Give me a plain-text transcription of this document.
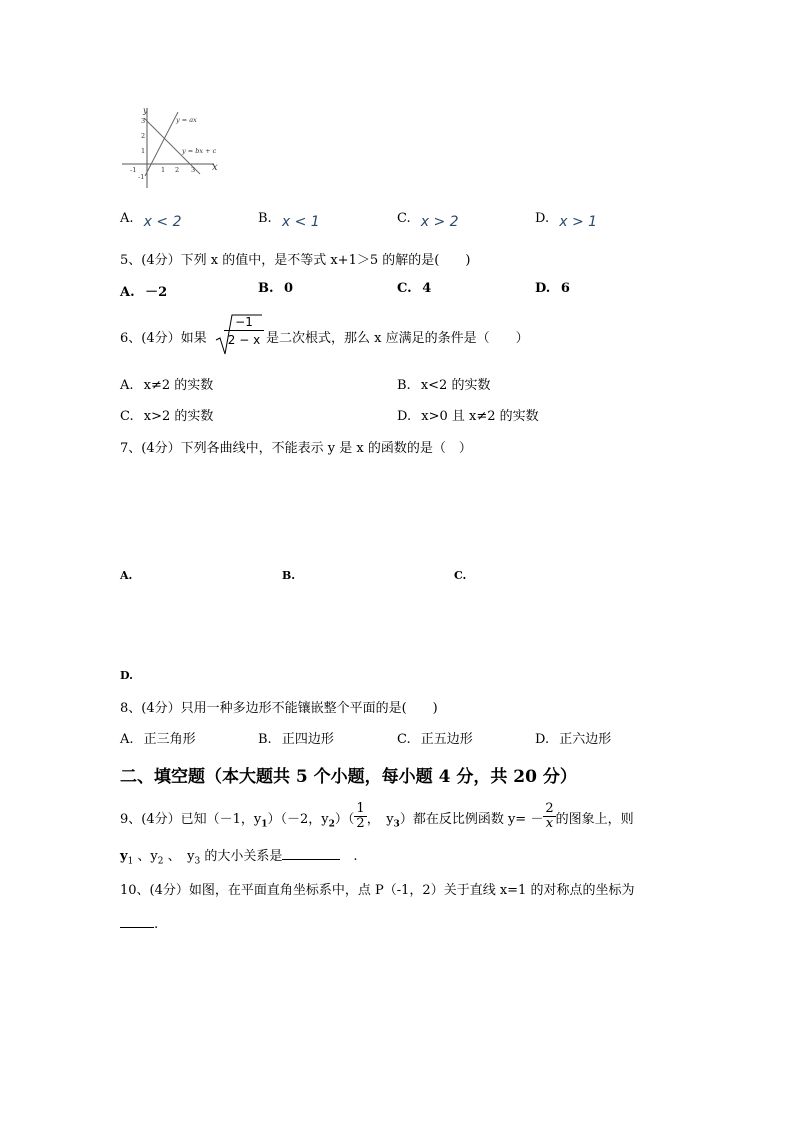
y
x
y = ax
y = bx + c
3
2
1
-1
-1	1 2 3
A. x < 2	B. x < 1	C. x > 2	D. x > 1
5、(4分）下列 x 的值中，是不等式 x+1＞5 的解的是(　　)
A. －2	B. 0	C. 4	D. 6
6、(4分）如果 $\frac{-1}{2 - x}$ 是二次根式，那么 x 应满足的条件是（　　）
A. x≠2 的实数	B. x<2 的实数
C. x>2 的实数	D. x>0 且 x≠2 的实数
7、(4分）下列各曲线中，不能表示 y 是 x 的函数的是（　）
A.	B.	C.
D.
8、(4分）只用一种多边形不能镶嵌整个平面的是(　　)
A. 正三角形	B. 正四边形	C. 正五边形	D. 正六边形
二、填空题（本大题共 5 个小题，每小题 4 分，共 20 分）
9、(4分）已知（－1，$y_1)(-2$，$y_2)( \frac{1}{2}$ ，　$y_3$）都在反比例函数 $y= - \frac{2}{x}$ 的图象上，则
$y_1$ 、$y_2$ 、　$y_3$ 的大小关系是	　.
10、(4分）如图，在平面直角坐标系中，点 P（-1，2）关于直线 x=1 的对称点的坐标为
.
